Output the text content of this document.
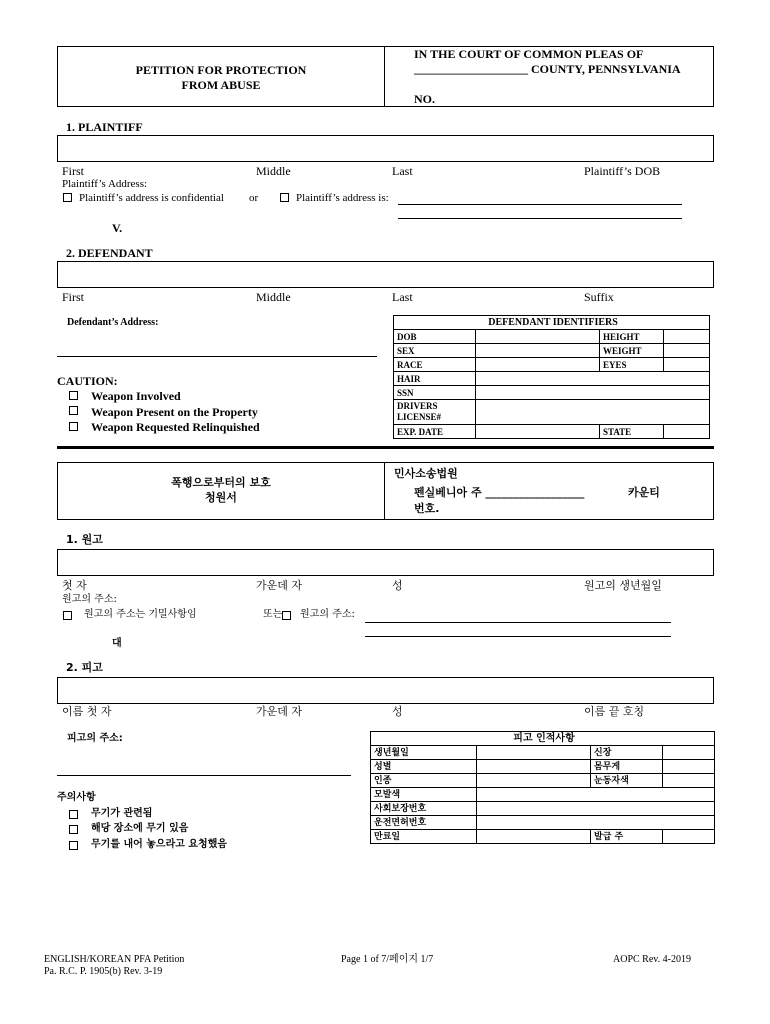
PETITION FOR PROTECTION
FROM ABUSE
IN THE COURT OF COMMON PLEAS OF
___________________ COUNTY, PENNSYLVANIA
NO.
1. PLAINTIFF
First	Middle	Last	Plaintiff’s DOB
Plaintiff’s Address:
Plaintiff’s address is confidential or	Plaintiff’s address is:
V.
2. DEFENDANT
First	Middle	Last	Suffix
Defendant’s Address:	DEFENDANT IDENTIFIERS			
DOB		HEIGHT	
SEX		WEIGHT	
RACE		EYES	
HAIR			
SSN			
DRIVERS
LICENSE#			
EXP. DATE		STATE	
CAUTION:
Weapon Involved
Weapon Present on the Property
Weapon Requested Relinquished
폭행으로부터의 보호
청원서
민사소송법원
펜실베니아 주 __________________	카운티
번호.
1. 원고
첫 자	가운데 자	성	원고의 생년월일
원고의 주소:
원고의 주소는 기밀사항임	또는 원고의 주소:
대
2. 피고
이름 첫 자	가운데 자	성	이름 끝 호칭
피고의 주소:	피고 인적사항			
생년월일		신장	
성별		몸무게	
인종		눈동자색	
모발색			
사회보장번호			
운전면허번호			
만료일		발급 주	
주의사항
무기가 관련됨
해당 장소에 무기 있음
무기를 내어 놓으라고 요청했음
ENGLISH/KOREAN PFA Petition
Pa. R.C. P. 1905(b) Rev. 3-19
Page 1 of 7/페이지 1/7	AOPC Rev. 4-2019
